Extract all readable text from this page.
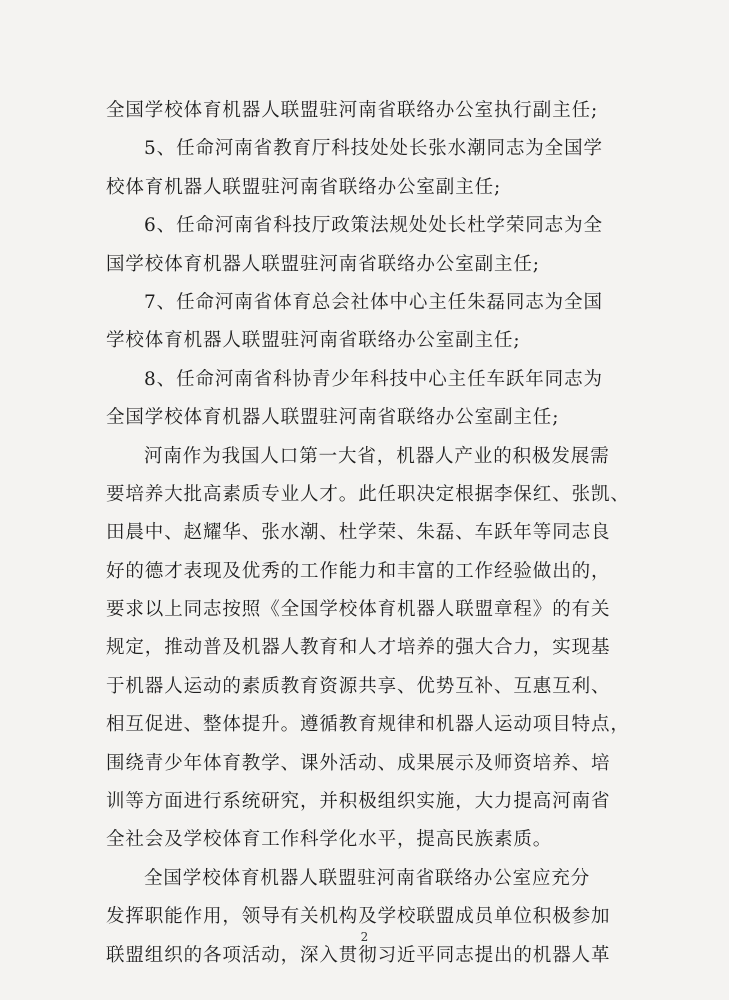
全国学校体育机器人联盟驻河南省联络办公室执行副主任;
5、任命河南省教育厅科技处处长张水潮同志为全国学
校体育机器人联盟驻河南省联络办公室副主任;
6、任命河南省科技厅政策法规处处长杜学荣同志为全
国学校体育机器人联盟驻河南省联络办公室副主任;
7、任命河南省体育总会社体中心主任朱磊同志为全国
学校体育机器人联盟驻河南省联络办公室副主任;
8、任命河南省科协青少年科技中心主任车跃年同志为
全国学校体育机器人联盟驻河南省联络办公室副主任;
河南作为我国人口第一大省，机器人产业的积极发展需
要培养大批高素质专业人才。此任职决定根据李保红、张凯、
田晨中、赵耀华、张水潮、杜学荣、朱磊、车跃年等同志良
好的德才表现及优秀的工作能力和丰富的工作经验做出的，
要求以上同志按照《全国学校体育机器人联盟章程》的有关
规定，推动普及机器人教育和人才培养的强大合力，实现基
于机器人运动的素质教育资源共享、优势互补、互惠互利、
相互促进、整体提升。遵循教育规律和机器人运动项目特点，
围绕青少年体育教学、课外活动、成果展示及师资培养、培
训等方面进行系统研究，并积极组织实施，大力提高河南省
全社会及学校体育工作科学化水平，提高民族素质。
全国学校体育机器人联盟驻河南省联络办公室应充分
发挥职能作用，领导有关机构及学校联盟成员单位积极参加
联盟组织的各项活动，深入贯彻习近平同志提出的机器人革
2
